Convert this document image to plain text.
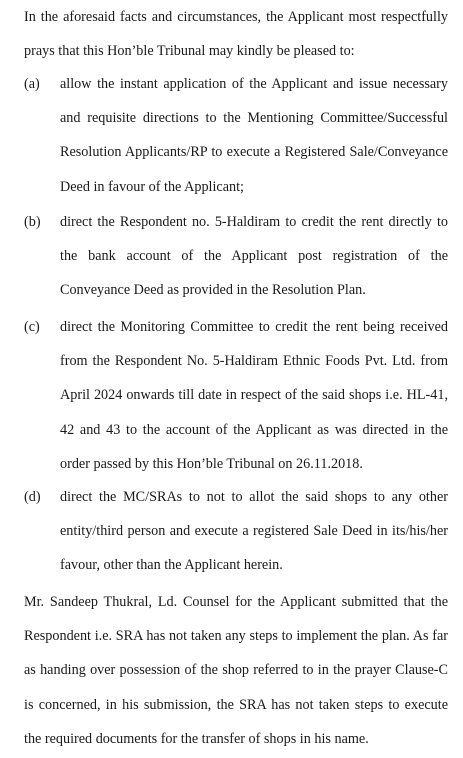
In the aforesaid facts and circumstances, the Applicant most respectfully prays that this Hon’ble Tribunal may kindly be pleased to:

(a) allow the instant application of the Applicant and issue necessary and requisite directions to the Mentioning Committee/Successful Resolution Applicants/RP to execute a Registered Sale/Conveyance Deed in favour of the Applicant;
(b) direct the Respondent no. 5-Haldiram to credit the rent directly to the bank account of the Applicant post registration of the Conveyance Deed as provided in the Resolution Plan.
(c) direct the Monitoring Committee to credit the rent being received from the Respondent No. 5-Haldiram Ethnic Foods Pvt. Ltd. from April 2024 onwards till date in respect of the said shops i.e. HL-41, 42 and 43 to the account of the Applicant as was directed in the order passed by this Hon’ble Tribunal on 26.11.2018.
(d) direct the MC/SRAs to not to allot the said shops to any other entity/third person and execute a registered Sale Deed in its/his/her favour, other than the Applicant herein.

Mr. Sandeep Thukral, Ld. Counsel for the Applicant submitted that the Respondent i.e. SRA has not taken any steps to implement the plan. As far as handing over possession of the shop referred to in the prayer Clause-C is concerned, in his submission, the SRA has not taken steps to execute the required documents for the transfer of shops in his name.
